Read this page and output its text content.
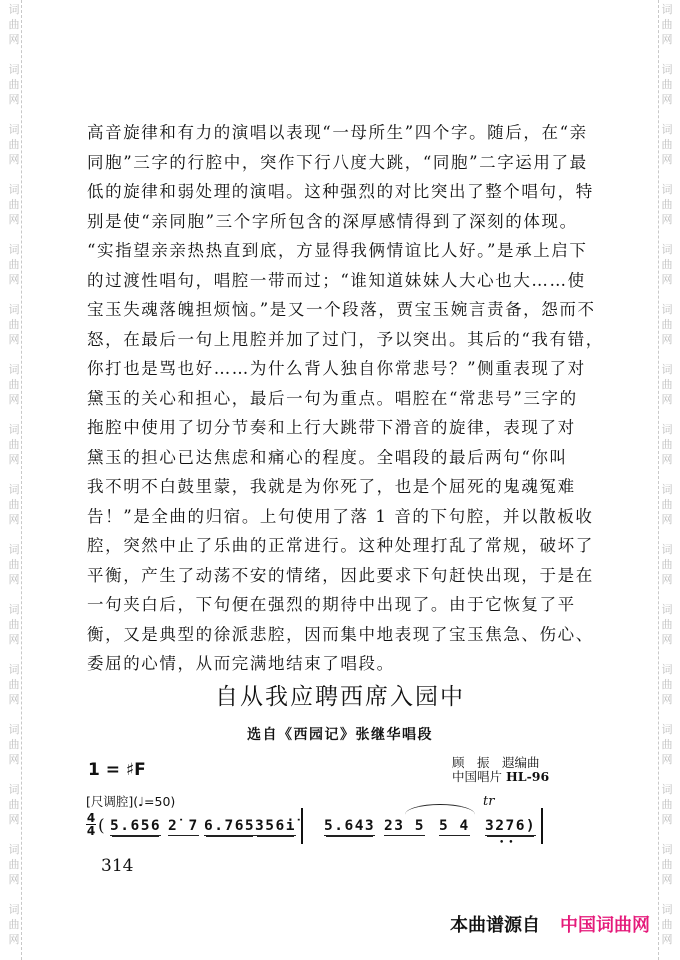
词
曲
网
词
曲
网
词
曲
网
词
曲
网
词
曲
网
词
曲
网
词
曲
网
词
曲
网
词
曲
网
词
曲
网
词
曲
网
词
曲
网
词
曲
网
词
曲
网
词
曲
网
词
曲
网
词
曲
网
词
曲
网
词
曲
网
词
曲
网
词
曲
网
词
曲
网
词
曲
网
词
曲
网
词
曲
网
词
曲
网
词
曲
网
词
曲
网
词
曲
网
词
曲
网
词
曲
网
词
曲
网
高音旋律和有力的演唱以表现“一母所生”四个字。随后，在“亲
同胞”三字的行腔中，突作下行八度大跳，“同胞”二字运用了最
低的旋律和弱处理的演唱。这种强烈的对比突出了整个唱句，特
别是使“亲同胞”三个字所包含的深厚感情得到了深刻的体现。
“实指望亲亲热热直到底，方显得我俩情谊比人好。”是承上启下
的过渡性唱句，唱腔一带而过；“谁知道妹妹人大心也大……使
宝玉失魂落魄担烦恼。”是又一个段落，贾宝玉婉言责备，怨而不
怒，在最后一句上甩腔并加了过门，予以突出。其后的“我有错，
你打也是骂也好……为什么背人独自你常悲号？”侧重表现了对
黛玉的关心和担心，最后一句为重点。唱腔在“常悲号”三字的
拖腔中使用了切分节奏和上行大跳带下滑音的旋律，表现了对
黛玉的担心已达焦虑和痛心的程度。全唱段的最后两句“你叫
我不明不白鼓里蒙，我就是为你死了，也是个屈死的鬼魂冤难
告！”是全曲的归宿。上句使用了落 1 音的下句腔，并以散板收
腔，突然中止了乐曲的正常进行。这种处理打乱了常规，破坏了
平衡，产生了动荡不安的情绪，因此要求下句赶快出现，于是在
一句夹白后，下句便在强烈的期待中出现了。由于它恢复了平
衡，又是典型的徐派悲腔，因而集中地表现了宝玉焦急、伤心、
委屈的心情，从而完满地结束了唱段。
自从我应聘西席入园中
选自《西园记》张继华唱段
1 = ♯F	顾　振　遐编曲
中国唱片 HL-96
[尺调腔](♩=50)	tr
4
4 ( 5.656 2̇ 7 6.765 356i̇ 5.643 23 5 5 4 3276)
••
314
本曲谱源自 中国词曲网
